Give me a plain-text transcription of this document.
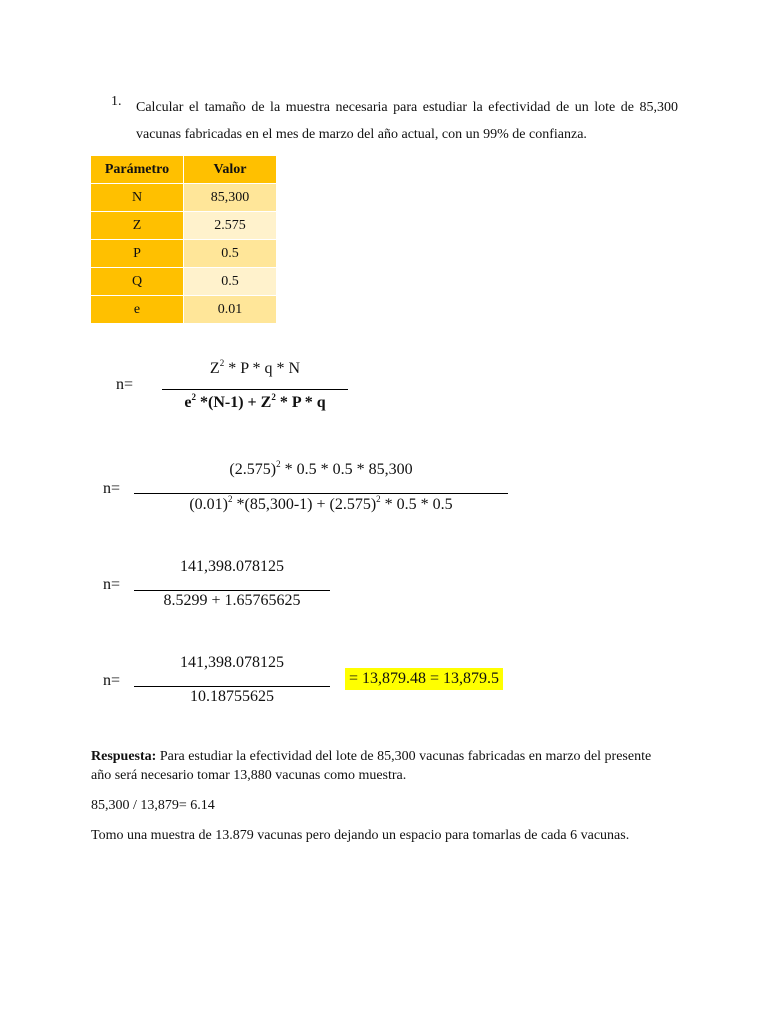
1. Calcular el tamaño de la muestra necesaria para estudiar la efectividad de un lote de 85,300 vacunas fabricadas en el mes de marzo del año actual, con un 99% de confianza.
Parámetro	Valor
N	85,300
Z	2.575
P	0.5
Q	0.5
e	0.01
n=
$Z^2$ * P * q * N
$e^2$ $*(N-1) + Z^2 * P * q$
n=
$(2.575)^2 * 0.5 * 0.5 * 85,300$
$(0.01)^2$ $*(85,300-1) + (2.575)^2 * 0.5 * 0.5$
n=
141,398.078125
8.5299 + 1.65765625
n=
141,398.078125
10.18755625
= 13,879.48 = 13,879.5
Respuesta: Para estudiar la efectividad del lote de 85,300 vacunas fabricadas en marzo del presente año será necesario tomar 13,880 vacunas como muestra.
85,300 / 13,879= 6.14
Tomo una muestra de 13.879 vacunas pero dejando un espacio para tomarlas de cada 6 vacunas.
